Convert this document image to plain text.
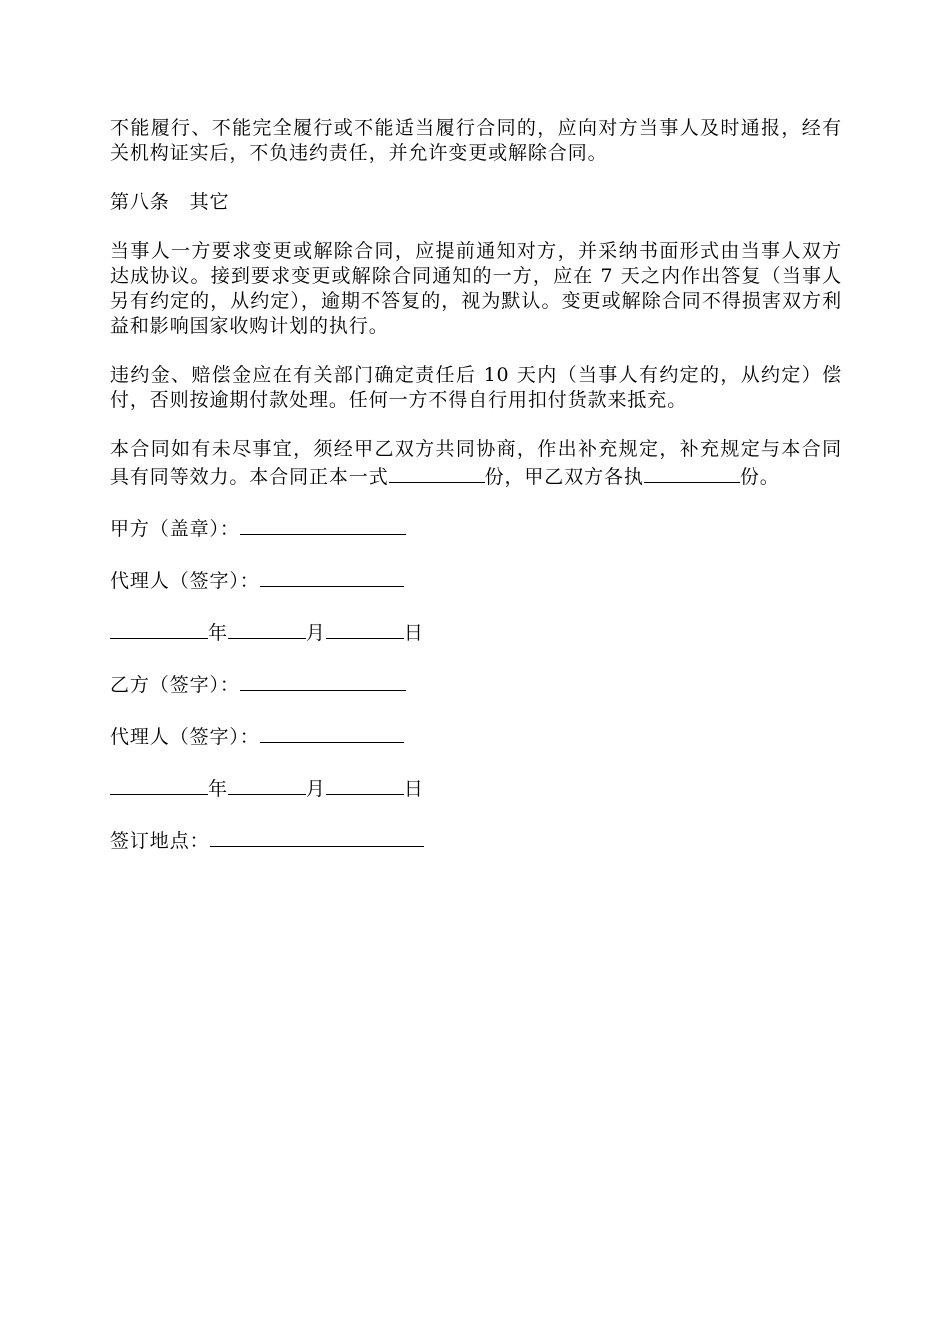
不能履行、不能完全履行或不能适当履行合同的，应向对方当事人及时通报，经有关机构证实后，不负违约责任，并允许变更或解除合同。

第八条　其它

当事人一方要求变更或解除合同，应提前通知对方，并采纳书面形式由当事人双方达成协议。接到要求变更或解除合同通知的一方，应在 7 天之内作出答复（当事人另有约定的，从约定），逾期不答复的，视为默认。变更或解除合同不得损害双方利益和影响国家收购计划的执行。

违约金、赔偿金应在有关部门确定责任后 10 天内（当事人有约定的，从约定）偿付，否则按逾期付款处理。任何一方不得自行用扣付货款来抵充。

本合同如有未尽事宜，须经甲乙双方共同协商，作出补充规定，补充规定与本合同具有同等效力。本合同正本一式	份，甲乙双方各执	份。

甲方（盖章）：
代理人（签字）：
年	月	日
乙方（签字）：
代理人（签字）：
年	月	日
签订地点：
